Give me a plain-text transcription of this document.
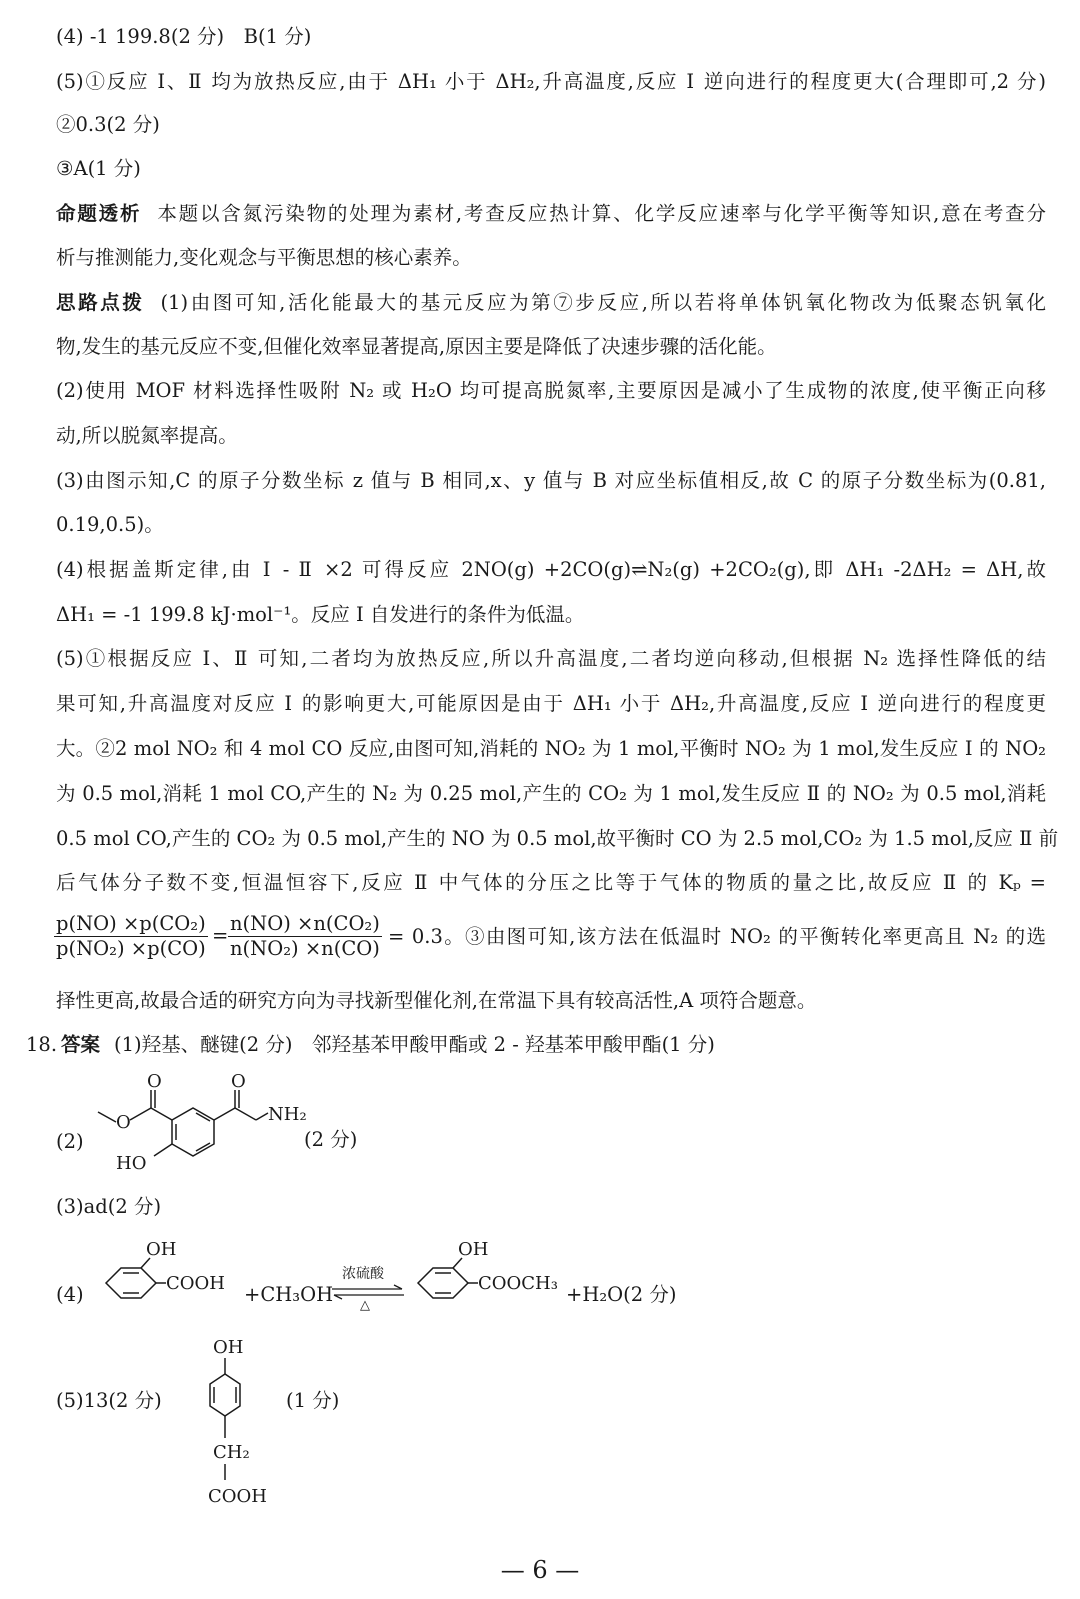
(4) -1 199.8(2 分)　B(1 分)
(5)①反应 Ⅰ、Ⅱ 均为放热反应,由于 ΔH₁ 小于 ΔH₂,升高温度,反应 Ⅰ 逆向进行的程度更大(合理即可,2 分)
②0.3(2 分)
③A(1 分)
命题透析 本题以含氮污染物的处理为素材,考查反应热计算、化学反应速率与化学平衡等知识,意在考查分
析与推测能力,变化观念与平衡思想的核心素养。
思路点拨 (1)由图可知,活化能最大的基元反应为第⑦步反应,所以若将单体钒氧化物改为低聚态钒氧化
物,发生的基元反应不变,但催化效率显著提高,原因主要是降低了决速步骤的活化能。
(2)使用 MOF 材料选择性吸附 N₂ 或 H₂O 均可提高脱氮率,主要原因是减小了生成物的浓度,使平衡正向移
动,所以脱氮率提高。
(3)由图示知,C 的原子分数坐标 z 值与 B 相同,x、y 值与 B 对应坐标值相反,故 C 的原子分数坐标为(0.81,
0.19,0.5)。
(4)根据盖斯定律,由 Ⅰ - Ⅱ ×2 可得反应 2NO(g) +2CO(g)⇌N₂(g) +2CO₂(g),即 ΔH₁ -2ΔH₂ = ΔH,故
ΔH₁ = -1 199.8 kJ·mol⁻¹。反应 Ⅰ 自发进行的条件为低温。
(5)①根据反应 Ⅰ、Ⅱ 可知,二者均为放热反应,所以升高温度,二者均逆向移动,但根据 N₂ 选择性降低的结
果可知,升高温度对反应 Ⅰ 的影响更大,可能原因是由于 ΔH₁ 小于 ΔH₂,升高温度,反应 Ⅰ 逆向进行的程度更
大。②2 mol NO₂ 和 4 mol CO 反应,由图可知,消耗的 NO₂ 为 1 mol,平衡时 NO₂ 为 1 mol,发生反应 Ⅰ 的 NO₂
为 0.5 mol,消耗 1 mol CO,产生的 N₂ 为 0.25 mol,产生的 CO₂ 为 1 mol,发生反应 Ⅱ 的 NO₂ 为 0.5 mol,消耗
0.5 mol CO,产生的 CO₂ 为 0.5 mol,产生的 NO 为 0.5 mol,故平衡时 CO 为 2.5 mol,CO₂ 为 1.5 mol,反应 Ⅱ 前
后气体分子数不变,恒温恒容下,反应 Ⅱ 中气体的分压之比等于气体的物质的量之比,故反应 Ⅱ 的 Kₚ =
$\frac{\text{p(NO) ×p(CO₂)}}{\text{p(NO₂) ×p(CO)}} = \frac{\text{n(NO) ×n(CO₂)}}{\text{n(NO₂) ×n(CO)}} = 0.3$。③由图可知,该方法在低温时 NO₂ 的平衡转化率更高且 N₂ 的选
择性更高,故最合适的研究方向为寻找新型催化剂,在常温下具有较高活性,A 项符合题意。
18. 答案 (1)羟基、醚键(2 分)　邻羟基苯甲酸甲酯或 2 - 羟基苯甲酸甲酯(1 分)
(2)
O	O
O	NH₂
HO
(2 分)
(3)ad(2 分)
(4)
OH
COOH +CH₃OH
浓硫酸
△
OH
COOCH₃ +H₂O(2 分)
(5)13(2 分)
OH
CH₂
COOH
(1 分)
— 6 —
